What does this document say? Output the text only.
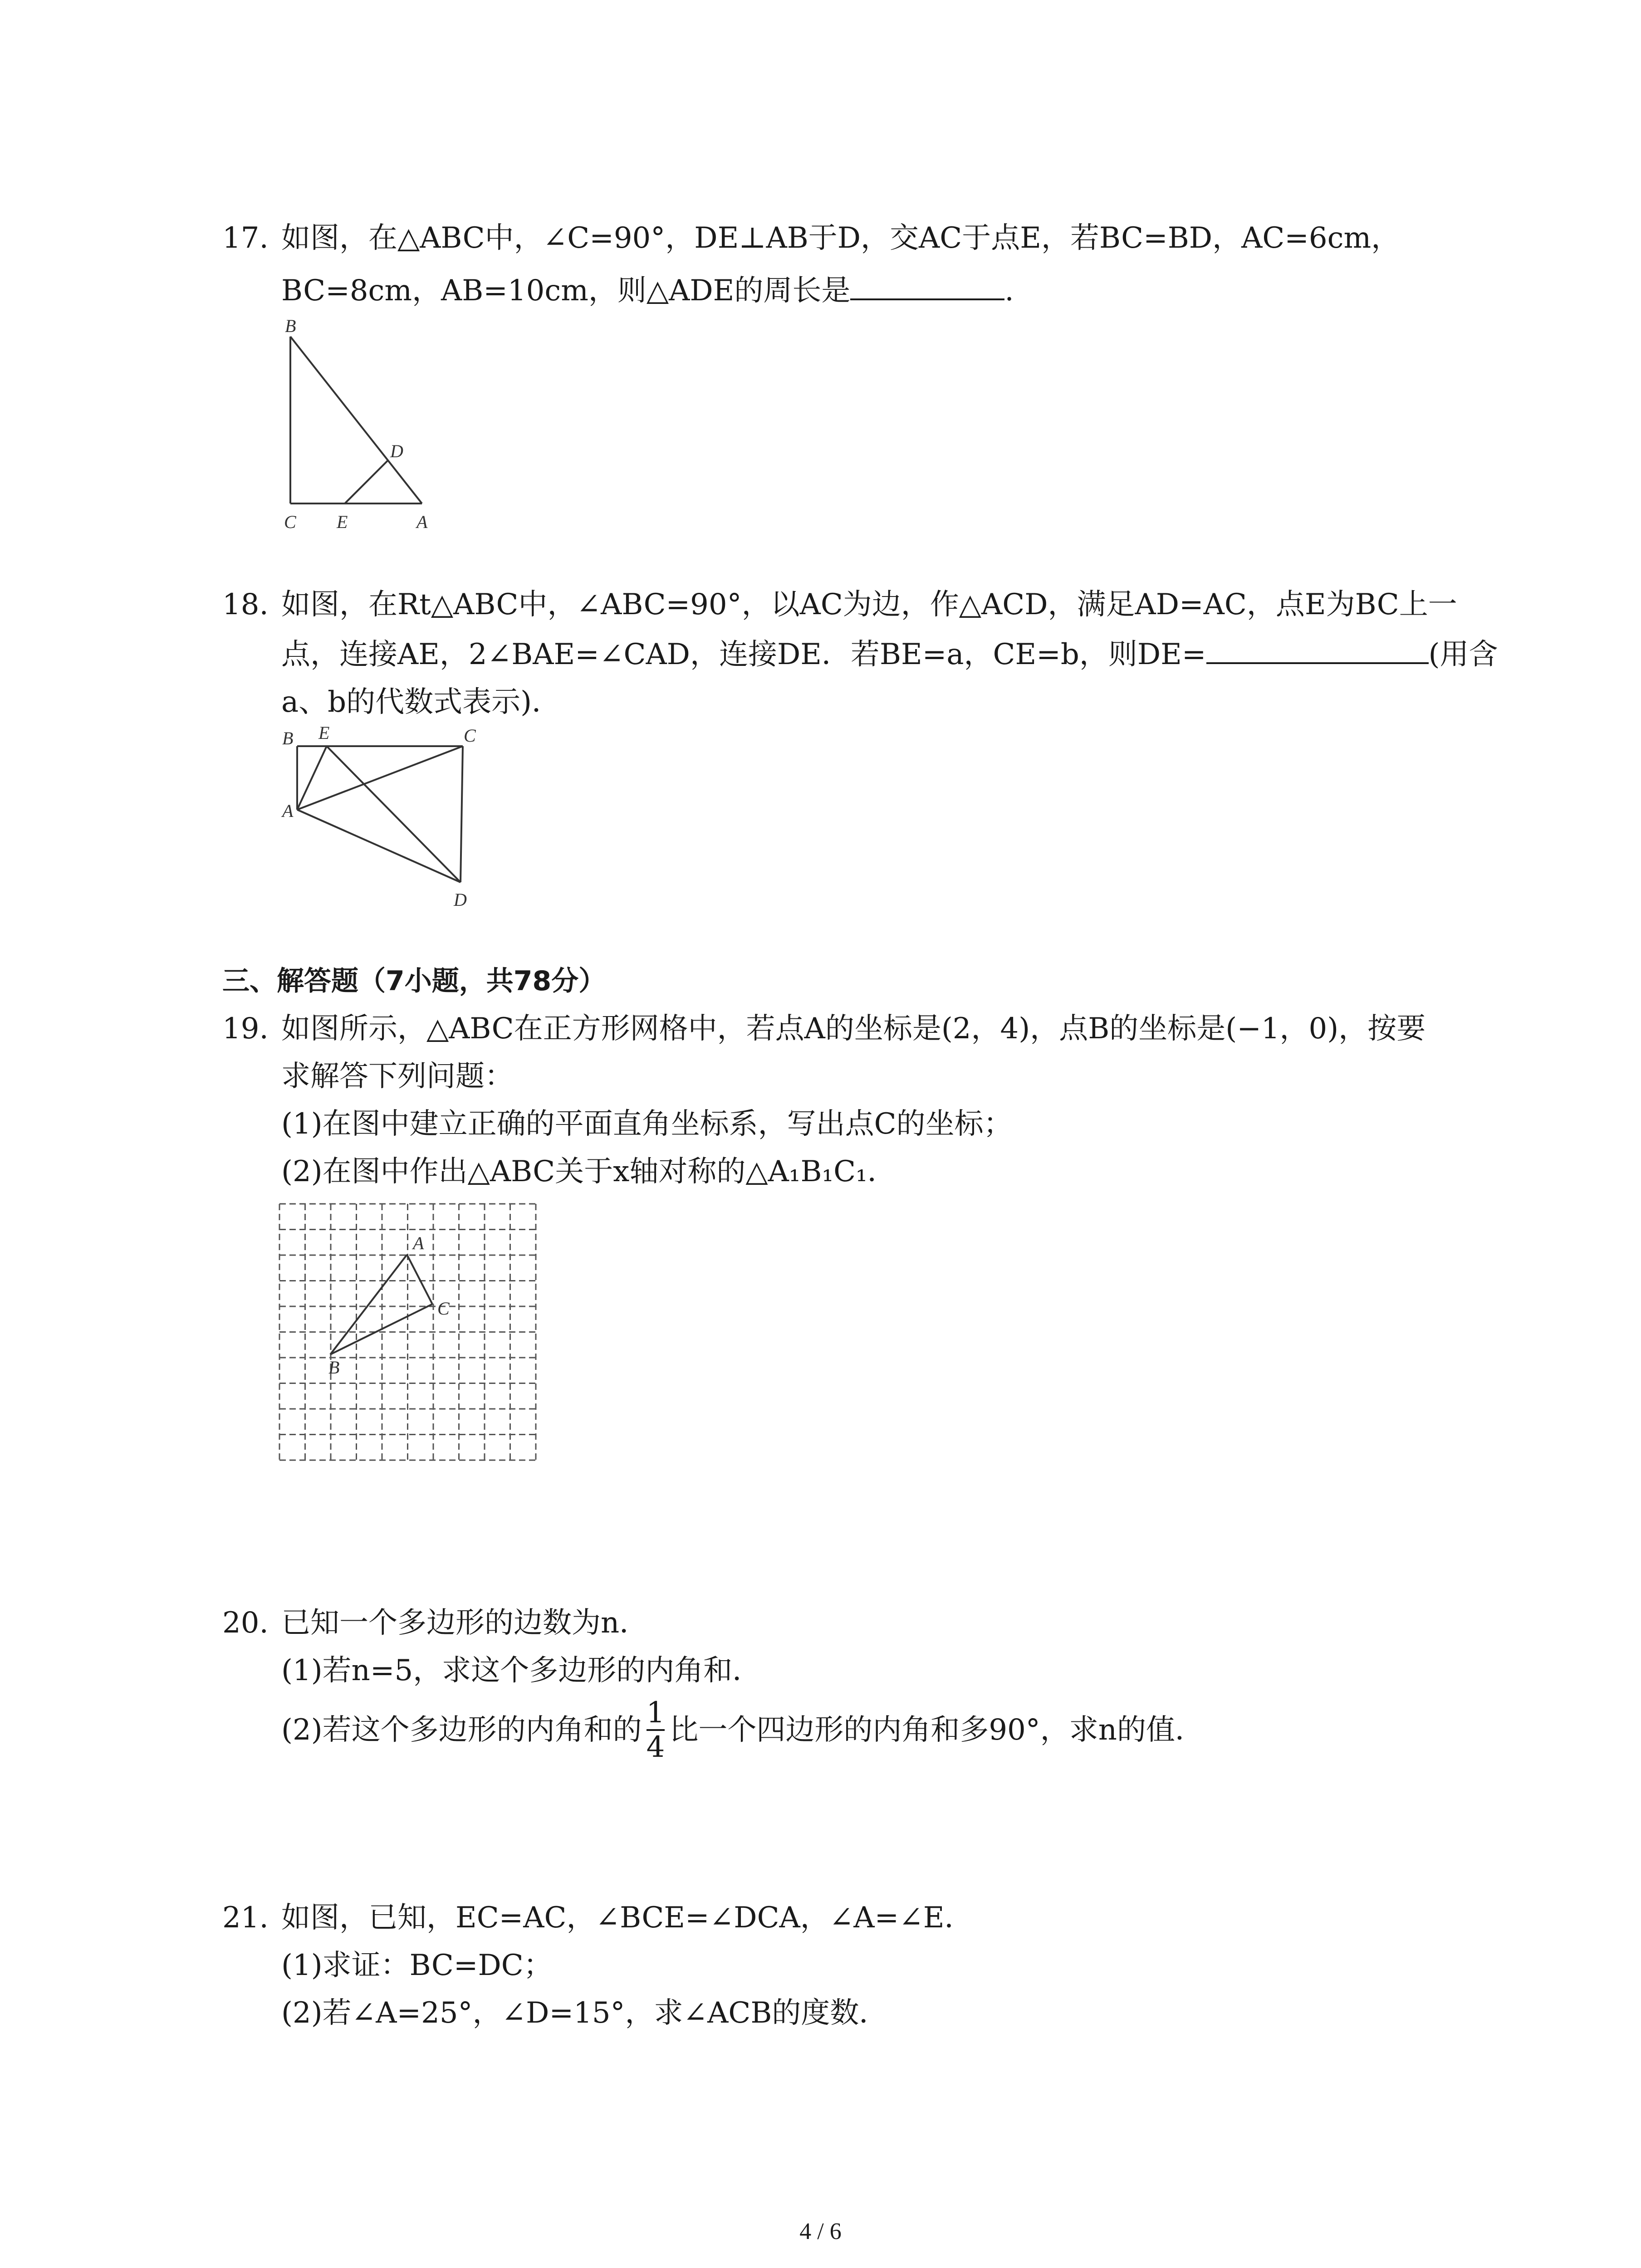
17. 如图，在△ABC中，∠C=90°，DE⊥AB于D，交AC于点E，若BC=BD，AC=6cm，
BC=8cm，AB=10cm，则△ADE的周长是	.
B
D
C E	A
18. 如图，在Rt△ABC中，∠ABC=90°，以AC为边，作△ACD，满足AD=AC，点E为BC上一
点，连接AE，2∠BAE=∠CAD，连接DE．若BE=a，CE=b，则DE=	(用含
a、b的代数式表示)．
B E	C
A
D
三、解答题（7小题，共78分）
19. 如图所示，△ABC在正方形网格中，若点A的坐标是(2，4)，点B的坐标是(−1，0)，按要
求解答下列问题：
(1)在图中建立正确的平面直角坐标系，写出点C的坐标；
(2)在图中作出△ABC关于x轴对称的△A₁B₁C₁．
A
C
B
20. 已知一个多边形的边数为n．
(1)若n=5，求这个多边形的内角和．
(2)若这个多边形的内角和的 $\frac{1}{4}$ 比一个四边形的内角和多90°，求n的值．
21. 如图，已知，EC=AC，∠BCE=∠DCA，∠A=∠E．
(1)求证：BC=DC；
(2)若∠A=25°，∠D=15°，求∠ACB的度数．
4 / 6
